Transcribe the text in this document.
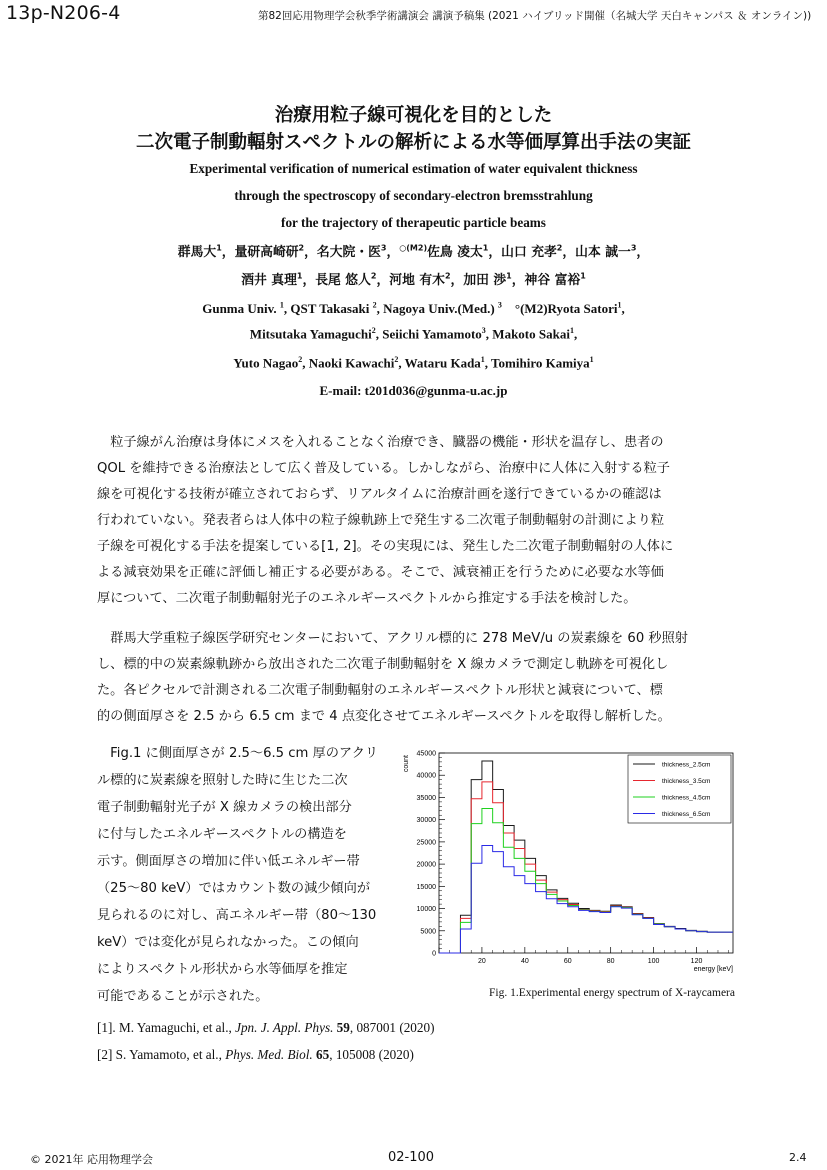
13p-N206-4	第82回応用物理学会秋季学術講演会 講演予稿集 (2021 ハイブリッド開催（名城大学 天白キャンパス ＆ オンライン))
治療用粒子線可視化を目的とした
二次電子制動輻射スペクトルの解析による水等価厚算出手法の実証
Experimental verification of numerical estimation of water equivalent thickness
through the spectroscopy of secondary-electron bremsstrahlung
for the trajectory of therapeutic particle beams
群馬大$^1$，量研高崎研$^2$，名大院・医$^3$，$^{○(M2)}$佐鳥 凌太$^1$，山口 充孝$^2$，山本 誠一$^3$，
酒井 真理$^1$，長尾 悠人$^2$，河地 有木$^2$，加田 渉$^1$，神谷 富裕$^1$
Gunma Univ. $^1$, QST Takasaki $^2$, Nagoya Univ.(Med.) $^3$　°(M2)Ryota Satori$^1$,
Mitsutaka Yamaguchi$^2$, Seiichi Yamamoto$^3$, Makoto Sakai$^1$,
Yuto Nagao$^2$, Naoki Kawachi$^2$, Wataru Kada$^1$, Tomihiro Kamiya$^1$
E-mail: t201d036@gunma-u.ac.jp

粒子線がん治療は身体にメスを入れることなく治療でき、臓器の機能・形状を温存し、患者の

QOL を維持できる治療法として広く普及している。しかしながら、治療中に人体に入射する粒子

線を可視化する技術が確立されておらず、リアルタイムに治療計画を遂行できているかの確認は

行われていない。発表者らは人体中の粒子線軌跡上で発生する二次電子制動輻射の計測により粒

子線を可視化する手法を提案している[1, 2]。その実現には、発生した二次電子制動輻射の人体に

よる減衰効果を正確に評価し補正する必要がある。そこで、減衰補正を行うために必要な水等価

厚について、二次電子制動輻射光子のエネルギースペクトルから推定する手法を検討した。

群馬大学重粒子線医学研究センターにおいて、アクリル標的に 278 MeV/u の炭素線を 60 秒照射

し、標的中の炭素線軌跡から放出された二次電子制動輻射を X 線カメラで測定し軌跡を可視化し

た。各ピクセルで計測される二次電子制動輻射のエネルギースペクトル形状と減衰について、標

的の側面厚さを 2.5 から 6.5 cm まで 4 点変化させてエネルギースペクトルを取得し解析した。

　Fig.1 に側面厚さが 2.5～6.5 cm 厚のアクリ
ル標的に炭素線を照射した時に生じた二次
電子制動輻射光子が X 線カメラの検出部分
に付与したエネルギースペクトルの構造を
示す。側面厚さの増加に伴い低エネルギー帯
（25～80 keV）ではカウント数の減少傾向が
見られるのに対し、高エネルギー帯（80～130
keV）では変化が見られなかった。この傾向
によりスペクトル形状から水等価厚を推定
可能であることが示された。
0
5000
10000
15000
20000
25000
30000
35000
40000
45000
20	40	60	80	100	120
energy [keV]
count	thickness_2.5cm
thickness_3.5cm
thickness_4.5cm
thickness_6.5cm
Fig. 1.Experimental energy spectrum of X-raycamera
[1]. M. Yamaguchi, et al., Jpn. J. Appl. Phys. 59, 087001 (2020)
[2] S. Yamamoto, et al., Phys. Med. Biol. 65, 105008 (2020)
© 2021年 応用物理学会	02-100	2.4
